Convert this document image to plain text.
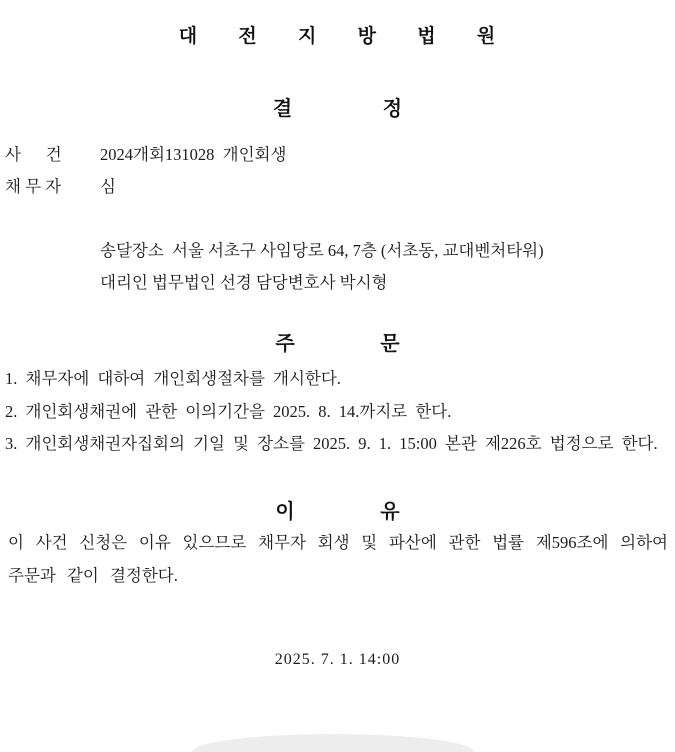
대 전 지 방 법 원
결 정
사      건	2024개회131028  개인회생
채 무 자	심
송달장소  서울 서초구 사임당로 64, 7층 (서초동, 교대벤처타워)
대리인 법무법인 선경 담당변호사 박시형
주 문
1. 채무자에 대하여 개인회생절차를 개시한다.
2. 개인회생채권에 관한 이의기간을 2025. 8. 14.까지로 한다.
3. 개인회생채권자집회의 기일 및 장소를 2025. 9. 1. 15:00 본관 제226호 법정으로 한다.
이 유
이 사건 신청은 이유 있으므로 채무자 회생 및 파산에 관한 법률 제596조에 의하여 주문과 같이 결정한다.
2025. 7. 1. 14:00
